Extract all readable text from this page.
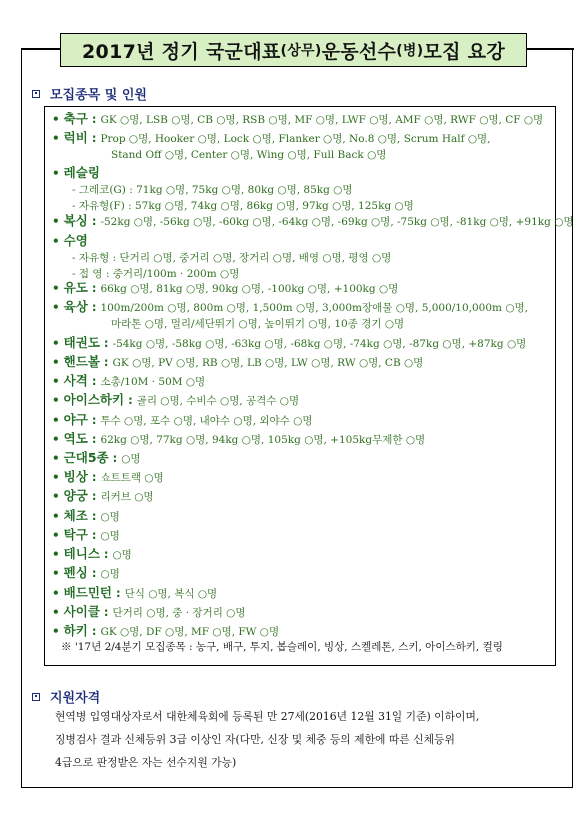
2017년 정기 국군대표 (상무) 운동선수 (병) 모집 요강
모집종목 및 인원
• 축구 : GK ○명, LSB ○명, CB ○명, RSB ○명, MF ○명, LWF ○명, AMF ○명, RWF ○명, CF ○명
• 럭비 : Prop ○명, Hooker ○명, Lock ○명, Flanker ○명, No.8 ○명, Scrum Half ○명,
Stand Off ○명, Center ○명, Wing ○명, Full Back ○명
• 레슬링
- 그레코(G) : 71kg ○명, 75kg ○명, 80kg ○명, 85kg ○명
- 자유형(F) : 57kg ○명, 74kg ○명, 86kg ○명, 97kg ○명, 125kg ○명
• 복싱 : -52kg ○명, -56kg ○명, -60kg ○명, -64kg ○명, -69kg ○명, -75kg ○명, -81kg ○명, +91kg ○명
• 수영
- 자유형 : 단거리 ○명, 중거리 ○명, 장거리 ○명, 배영 ○명, 평영 ○명
- 접 영 : 중거리/100m · 200m ○명
• 유도 : 66kg ○명, 81kg ○명, 90kg ○명, -100kg ○명, +100kg ○명
• 육상 : 100m/200m ○명, 800m ○명, 1,500m ○명, 3,000m장애물 ○명, 5,000/10,000m ○명,
마라톤 ○명, 멀리/세단뛰기 ○명, 높이뛰기 ○명, 10종 경기 ○명
• 태권도 : -54kg ○명, -58kg ○명, -63kg ○명, -68kg ○명, -74kg ○명, -87kg ○명, +87kg ○명
• 핸드볼 : GK ○명, PV ○명, RB ○명, LB ○명, LW ○명, RW ○명, CB ○명
• 사격 : 소총/10M · 50M ○명
• 아이스하키 : 골리 ○명, 수비수 ○명, 공격수 ○명
• 야구 : 투수 ○명, 포수 ○명, 내야수 ○명, 외야수 ○명
• 역도 : 62kg ○명, 77kg ○명, 94kg ○명, 105kg ○명, +105kg무제한 ○명
• 근대5종 : ○명
• 빙상 : 쇼트트랙 ○명
• 양궁 : 리커브 ○명
• 체조 : ○명
• 탁구 : ○명
• 테니스 : ○명
• 펜싱 : ○명
• 배드민턴 : 단식 ○명, 복식 ○명
• 사이클 : 단거리 ○명, 중 · 장거리 ○명
• 하키 : GK ○명, DF ○명, MF ○명, FW ○명
※ '17년 2/4분기 모집종목 : 농구, 배구, 투지, 봅슬레이, 빙상, 스켈레톤, 스키, 아이스하키, 컬링
지원자격
현역병 입영대상자로서 대한체육회에 등록된 만 27세(2016년 12월 31일 기준) 이하이며,
징병검사 결과 신체등위 3급 이상인 자(다만, 신장 및 체중 등의 제한에 따른 신체등위
4급으로 판정받은 자는 선수지원 가능)
